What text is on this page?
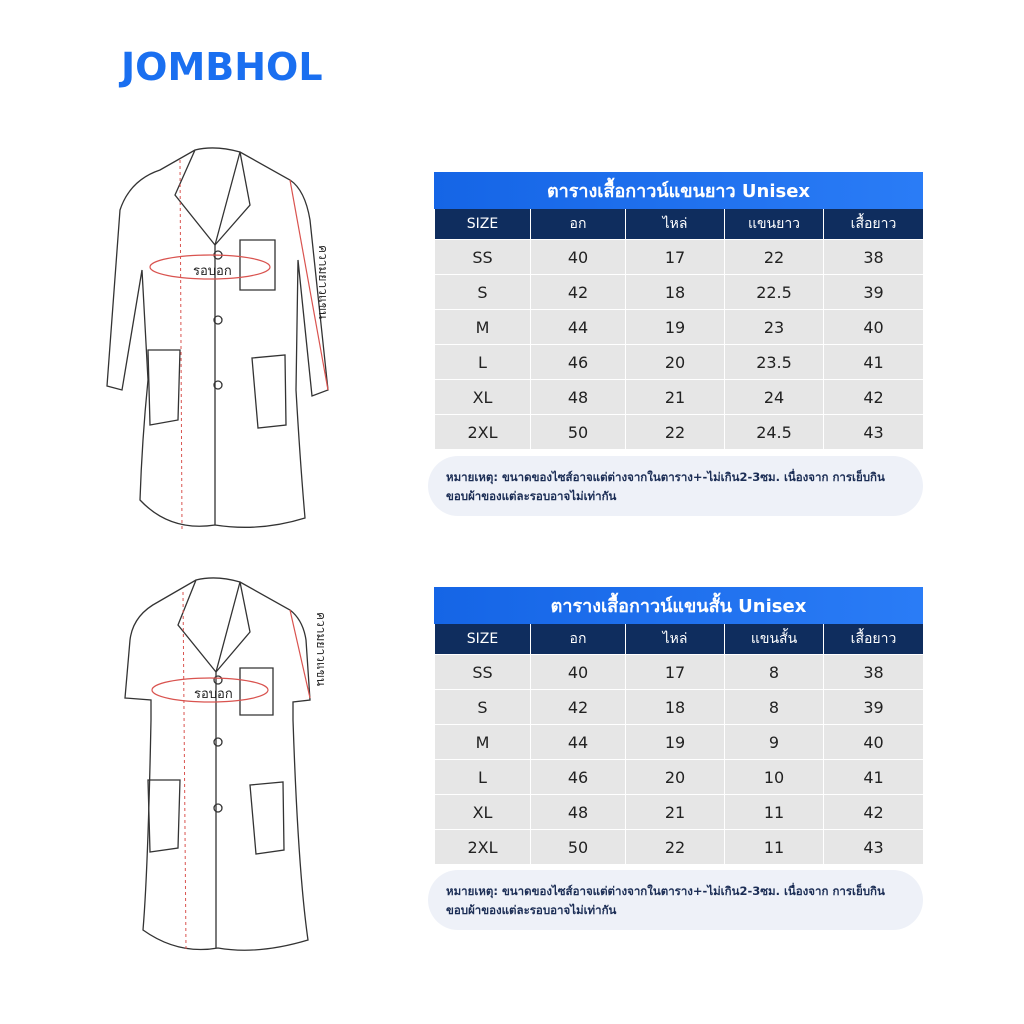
JOMBHOL
รอบอก	ความยาวแขน
รอบอก
ความยาวแขน
ตารางเสื้อกาวน์แขนยาว Unisex
SIZE	อก	ไหล่	แขนยาว	เสื้อยาว
SS	40	17	22	38
S	42	18	22.5	39
M	44	19	23	40
L	46	20	23.5	41
XL	48	21	24	42
2XL	50	22	24.5	43
หมายเหตุ: ขนาดของไซส์อาจแต่ต่างจากในตาราง+-ไม่เกิน2-3ซม. เนื่องจาก การเย็บกิน
ขอบผ้าของแต่ละรอบอาจไม่เท่ากัน
ตารางเสื้อกาวน์แขนสั้น Unisex
SIZE	อก	ไหล่	แขนสั้น	เสื้อยาว
SS	40	17	8	38
S	42	18	8	39
M	44	19	9	40
L	46	20	10	41
XL	48	21	11	42
2XL	50	22	11	43
หมายเหตุ: ขนาดของไซส์อาจแต่ต่างจากในตาราง+-ไม่เกิน2-3ซม. เนื่องจาก การเย็บกิน
ขอบผ้าของแต่ละรอบอาจไม่เท่ากัน
